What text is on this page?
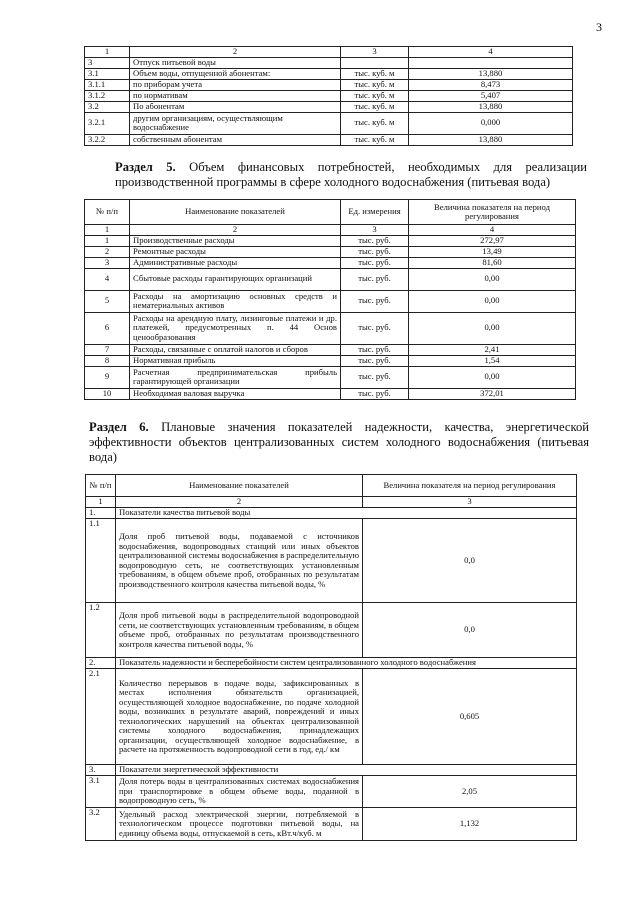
3
1	2	3	4
3	Отпуск питьевой воды		
3.1	Объем воды, отпущенной абонентам:	тыс. куб. м	13,880
3.1.1	по приборам учета	тыс. куб. м	8,473
3.1.2	по нормативам	тыс. куб. м	5,407
3.2	По абонентам	тыс. куб. м	13,880
3.2.1	другим организациям, осуществляющим водоснабжение	тыс. куб. м	0,000
3.2.2	собственным абонентам	тыс. куб. м	13,880
Раздел 5. Объем финансовых потребностей, необходимых для реализации производственной программы в сфере холодного водоснабжения (питьевая вода)
№ п/п	Наименование показателей	Ед. измерения	Величина показателя на период регулирования
1	2	3	4
1	Производственные расходы	тыс. руб.	272,97
2	Ремонтные расходы	тыс. руб.	13,49
3	Административные расходы	тыс. руб.	81,60
4	Сбытовые расходы гарантирующих организаций	тыс. руб.	0,00
5	Расходы на амортизацию основных средств и нематериальных активов	тыс. руб.	0,00
6	Расходы на арендную плату, лизинговые платежи и др. платежей, предусмотренных п. 44 Основ ценообразования	тыс. руб.	0,00
7	Расходы, связанные с оплатой налогов и сборов	тыс. руб.	2,41
8	Нормативная прибыль	тыс. руб.	1,54
9	Расчетная предпринимательская прибыль гарантирующей организации	тыс. руб.	0,00
10	Необходимая валовая выручка	тыс. руб.	372,01
Раздел 6. Плановые значения показателей надежности, качества, энергетической эффективности объектов централизованных систем холодного водоснабжения (питьевая вода)
№ п/п	Наименование показателей	Величина показателя на период регулирования
1	2	3
1.	Показатели качества питьевой воды	
1.1	Доля проб питьевой воды, подаваемой с источников водоснабжения, водопроводных станций или иных объектов централизованной системы водоснабжения в распределительную водопроводную сеть, не соответствующих установленным требованиям, в общем объеме проб, отобранных по результатам производственного контроля качества питьевой воды, %	0,0
1.2	Доля проб питьевой воды в распределительной водопроводной сети, не соответствующих установленным требованиям, в общем объеме проб, отобранных по результатам производственного контроля качества питьевой воды, %	0,0
2.	Показатель надежности и бесперебойности систем централизованного холодного водоснабжения	
2.1	Количество перерывов в подаче воды, зафиксированных в местах исполнения обязательств организацией, осуществляющей холодное водоснабжение, по подаче холодной воды, возникших в результате аварий, повреждений и иных технологических нарушений на объектах централизованной системы холодного водоснабжения, принадлежащих организации, осуществляющей холодное водоснабжение, в расчете на протяженность водопроводной сети в год, ед./ км	0,605
3.	Показатели энергетической эффективности	
3.1	Доля потерь воды в централизованных системах водоснабжения при транспортировке в общем объеме воды, поданной в водопроводную сеть, %	2,05
3.2	Удельный расход электрической энергии, потребляемой в технологическом процессе подготовки питьевой воды, на единицу объема воды, отпускаемой в сеть, кВт.ч/куб. м	1,132
